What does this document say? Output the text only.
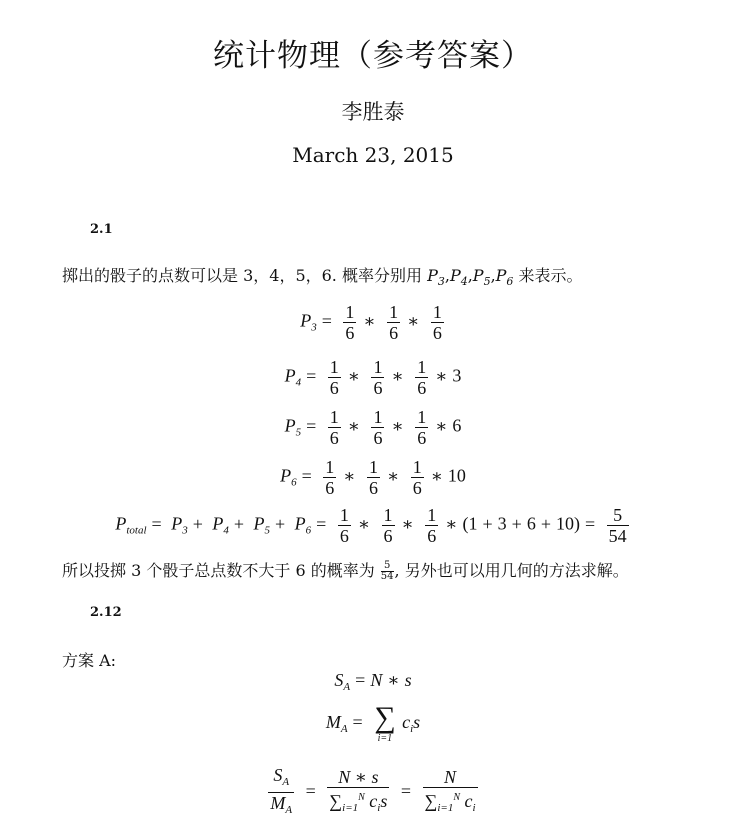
统计物理（参考答案）
李胜泰
March 23, 2015
2.1
掷出的骰子的点数可以是 3，4，5，6. 概率分别用 $P_3,P_4,P_5,P_6$ 来表示。
$P_3 = \frac{1}{6}$ ∗ $\frac{1}{6}$ ∗ $\frac{1}{6}$
$P_4 = \frac{1}{6}$ ∗ $\frac{1}{6}$ ∗ $\frac{1}{6}$ ∗ 3
$P_5 = \frac{1}{6}$ ∗ $\frac{1}{6}$ ∗ $\frac{1}{6}$ ∗ 6
$P_6 = \frac{1}{6}$ ∗ $\frac{1}{6}$ ∗ $\frac{1}{6}$ ∗ 10
$P_{total} = P_3 + P_4 + P_5 + P_6 = \frac{1}{6}$ ∗ $\frac{1}{6}$ ∗ $\frac{1}{6}$ ∗ $(1 + 3 + 6 + 10) = \frac{5}{54}$
所以投掷 3 个骰子总点数不大于 6 的概率为 $\frac{5}{54}$ , 另外也可以用几何的方法求解。
2.12
方案 A:
$S_A = N$ ∗ s
$M_A$ = ∑
i=1
$c_is$
$\frac{S_A}{M_A} = \frac{N ∗ s}{\sum_{i=1}^N c_is} = \frac{N}{\sum_{i=1}^N c_i}$
